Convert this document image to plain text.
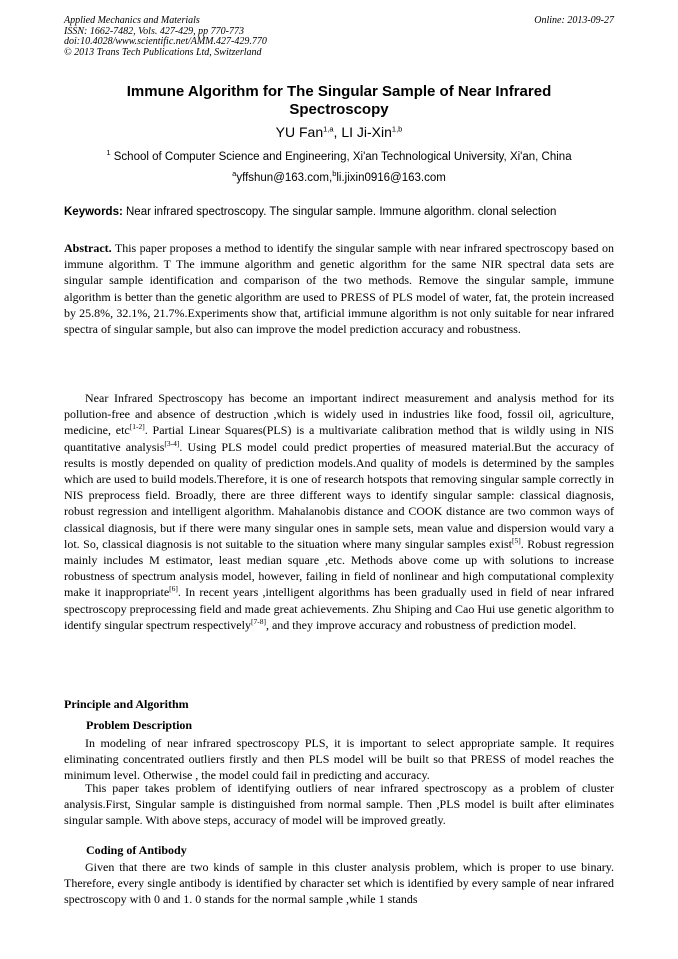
Applied Mechanics and Materials
ISSN: 1662-7482, Vols. 427-429, pp 770-773
doi:10.4028/www.scientific.net/AMM.427-429.770
© 2013 Trans Tech Publications Ltd, Switzerland
Online: 2013-09-27
Immune Algorithm for The Singular Sample of Near Infrared
Spectroscopy
YU Fan$^{1,a}$, LI Ji-Xin$^{1,b}$
$^1$ School of Computer Science and Engineering, Xi'an Technological University, Xi'an, China
$^a$yffshun@163.com,$^b$li.jixin0916@163.com
Keywords: Near infrared spectroscopy. The singular sample. Immune algorithm. clonal selection

Abstract. This paper proposes a method to identify the singular sample with near infrared spectroscopy based on immune algorithm. T The immune algorithm and genetic algorithm for the same NIR spectral data sets are singular sample identification and comparison of the two methods. Remove the singular sample, immune algorithm is better than the genetic algorithm are used to PRESS of PLS model of water, fat, the protein increased by 25.8%, 32.1%, 21.7%.Experiments show that, artificial immune algorithm is not only suitable for near infrared spectra of singular sample, but also can improve the model prediction accuracy and robustness.

Near Infrared Spectroscopy has become an important indirect measurement and analysis method for its pollution-free and absence of destruction ,which is widely used in industries like food, fossil oil, agriculture, medicine, etc[1-2]. Partial Linear Squares(PLS) is a multivariate calibration method that is wildly using in NIS quantitative analysis[3-4]. Using PLS model could predict properties of measured material.But the accuracy of results is mostly depended on quality of prediction models.And quality of models is determined by the samples which are used to build models.Therefore, it is one of research hotspots that removing singular sample correctly in NIS preprocess field. Broadly, there are three different ways to identify singular sample: classical diagnosis, robust regression and intelligent algorithm. Mahalanobis distance and COOK distance are two common ways of classical diagnosis, but if there were many singular ones in sample sets, mean value and dispersion would vary a lot. So, classical diagnosis is not suitable to the situation where many singular samples exist[5]. Robust regression mainly includes M estimator, least median square ,etc. Methods above come up with solutions to increase robustness of spectrum analysis model, however, failing in field of nonlinear and high computational complexity make it inappropriate[6]. In recent years ,intelligent algorithms has been gradually used in field of near infrared spectroscopy preprocessing field and made great achievements. Zhu Shiping and Cao Hui use genetic algorithm to identify singular spectrum respectively[7-8], and they improve accuracy and robustness of prediction model.

Principle and Algorithm
Problem Description

In modeling of near infrared spectroscopy PLS, it is important to select appropriate sample. It requires eliminating concentrated outliers firstly and then PLS model will be built so that PRESS of model reaches the minimum level. Otherwise , the model could fail in predicting and accuracy.

This paper takes problem of identifying outliers of near infrared spectroscopy as a problem of cluster analysis.First, Singular sample is distinguished from normal sample. Then ,PLS model is built after eliminates singular sample. With above steps, accuracy of model will be improved greatly.

Coding of Antibody

Given that there are two kinds of sample in this cluster analysis problem, which is proper to use binary. Therefore, every single antibody is identified by character set which is identified by every sample of near infrared spectroscopy with 0 and 1. 0 stands for the normal sample ,while 1 stands
